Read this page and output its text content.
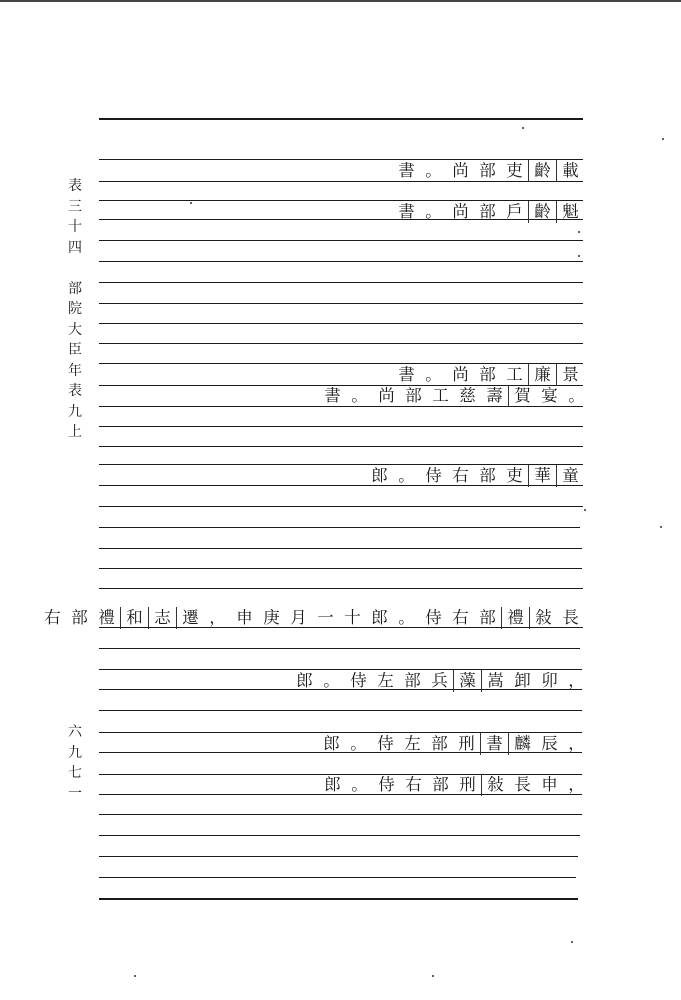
表
三
十
四
部
院
大
臣
年
表
九
上
六
九
七
一
書 。 尚 部 吏 齡 載
書 。 尚 部 戶 齡 魁
書 。 尚 部 工 廉 景
書 。 尚 部 工 慈 壽 賀 宴 。
郎 。 侍 右 部 吏 華 童
右 部 禮 和 志 遷 ， 申 庚 月 一 十 郎 。 侍 右 部 禮 敍 長
郎 。 侍 左 部 兵 藻 嵩 卸 卯 ，
郎 。 侍 左 部 刑 書 麟 辰 ，
郎 。 侍 右 部 刑 敍 長 申 ，
